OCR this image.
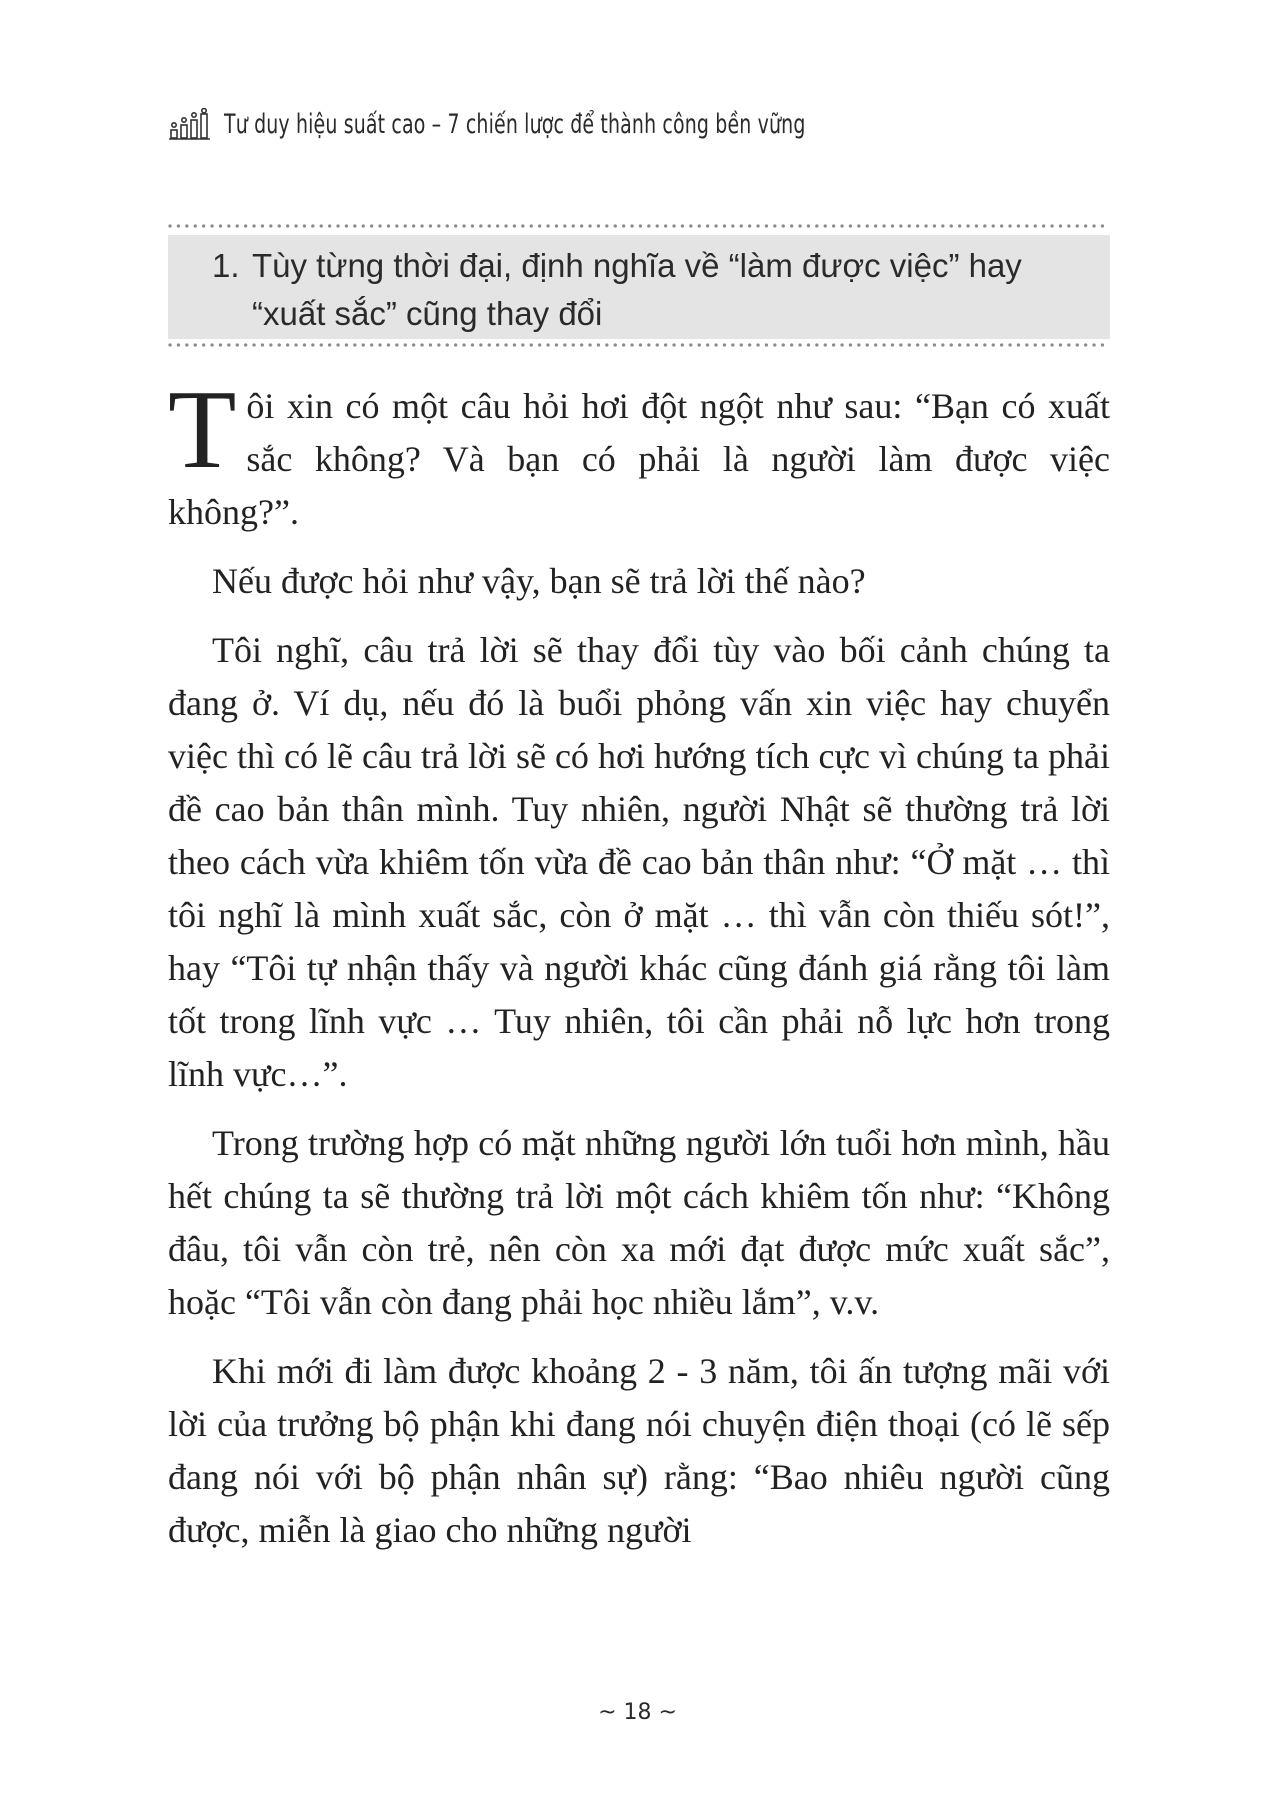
Tư duy hiệu suất cao – 7 chiến lược để thành công bền vững
1. Tùy từng thời đại, định nghĩa về “làm được việc” hay
“xuất sắc” cũng thay đổi

Tôi xin có một câu hỏi hơi đột ngột như sau: “Bạn có xuất sắc không? Và bạn có phải là người làm được việc không?”.

Nếu được hỏi như vậy, bạn sẽ trả lời thế nào?

Tôi nghĩ, câu trả lời sẽ thay đổi tùy vào bối cảnh chúng ta đang ở. Ví dụ, nếu đó là buổi phỏng vấn xin việc hay chuyển việc thì có lẽ câu trả lời sẽ có hơi hướng tích cực vì chúng ta phải đề cao bản thân mình. Tuy nhiên, người Nhật sẽ thường trả lời theo cách vừa khiêm tốn vừa đề cao bản thân như: “Ở mặt … thì tôi nghĩ là mình xuất sắc, còn ở mặt … thì vẫn còn thiếu sót!”, hay “Tôi tự nhận thấy và người khác cũng đánh giá rằng tôi làm tốt trong lĩnh vực … Tuy nhiên, tôi cần phải nỗ lực hơn trong lĩnh vực…”.

Trong trường hợp có mặt những người lớn tuổi hơn mình, hầu hết chúng ta sẽ thường trả lời một cách khiêm tốn như: “Không đâu, tôi vẫn còn trẻ, nên còn xa mới đạt được mức xuất sắc”, hoặc “Tôi vẫn còn đang phải học nhiều lắm”, v.v.

Khi mới đi làm được khoảng 2 - 3 năm, tôi ấn tượng mãi với lời của trưởng bộ phận khi đang nói chuyện điện thoại (có lẽ sếp đang nói với bộ phận nhân sự) rằng: “Bao nhiêu người cũng được, miễn là giao cho những người

~ 18 ~
